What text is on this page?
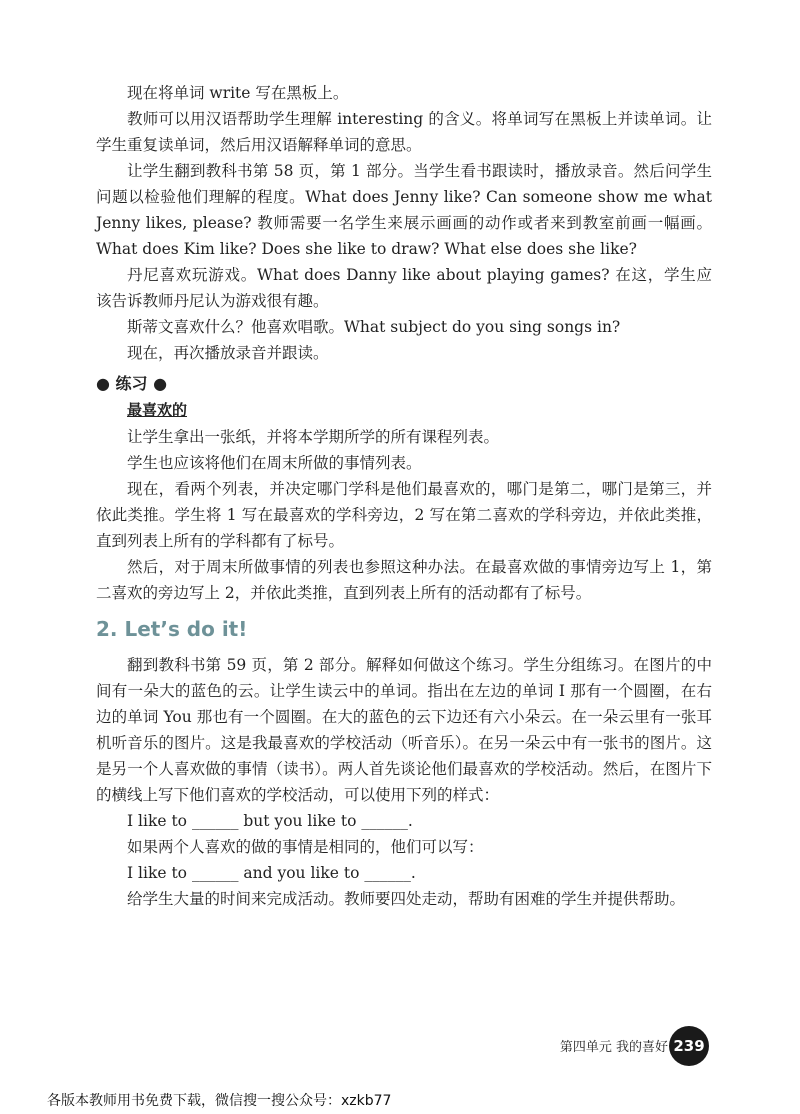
现在将单词 write 写在黑板上。

教师可以用汉语帮助学生理解 interesting 的含义。将单词写在黑板上并读单词。让学生重复读单词，然后用汉语解释单词的意思。

让学生翻到教科书第 58 页，第 1 部分。当学生看书跟读时，播放录音。然后问学生问题以检验他们理解的程度。What does Jenny like? Can someone show me what Jenny likes, please? 教师需要一名学生来展示画画的动作或者来到教室前画一幅画。What does Kim like? Does she like to draw? What else does she like?

丹尼喜欢玩游戏。What does Danny like about playing games? 在这，学生应该告诉教师丹尼认为游戏很有趣。

斯蒂文喜欢什么？他喜欢唱歌。What subject do you sing songs in?

现在，再次播放录音并跟读。

● 练习 ●
最喜欢的

让学生拿出一张纸，并将本学期所学的所有课程列表。

学生也应该将他们在周末所做的事情列表。

现在，看两个列表，并决定哪门学科是他们最喜欢的，哪门是第二，哪门是第三，并依此类推。学生将 1 写在最喜欢的学科旁边，2 写在第二喜欢的学科旁边，并依此类推，直到列表上所有的学科都有了标号。

然后，对于周末所做事情的列表也参照这种办法。在最喜欢做的事情旁边写上 1，第二喜欢的旁边写上 2，并依此类推，直到列表上所有的活动都有了标号。

2. Let’s do it!

翻到教科书第 59 页，第 2 部分。解释如何做这个练习。学生分组练习。在图片的中间有一朵大的蓝色的云。让学生读云中的单词。指出在左边的单词 I 那有一个圆圈，在右边的单词 You 那也有一个圆圈。在大的蓝色的云下边还有六小朵云。在一朵云里有一张耳机听音乐的图片。这是我最喜欢的学校活动（听音乐）。在另一朵云中有一张书的图片。这是另一个人喜欢做的事情（读书）。两人首先谈论他们最喜欢的学校活动。然后，在图片下的横线上写下他们喜欢的学校活动，可以使用下列的样式：

I like to ______ but you like to ______.

如果两个人喜欢的做的事情是相同的，他们可以写：

I like to ______ and you like to ______.

给学生大量的时间来完成活动。教师要四处走动，帮助有困难的学生并提供帮助。

第四单元 我的喜好 239
各版本教师用书免费下载，微信搜一搜公众号：xzkb77
